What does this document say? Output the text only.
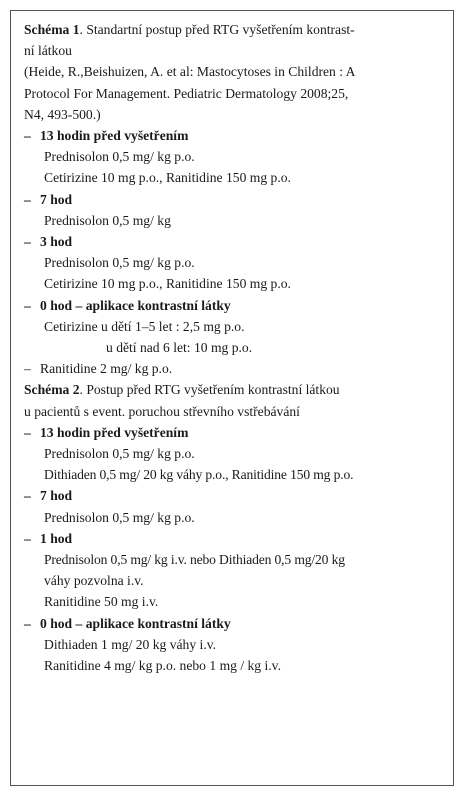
Schéma 1. Standartní postup před RTG vyšetřením kontrast-
ní látkou
(Heide, R.,Beishuizen, A. et al: Mastocytoses in Children : A
Protocol For Management. Pediatric Dermatology 2008;25,
N4, 493-500.)
– 13 hodin před vyšetřením
Prednisolon 0,5 mg/ kg p.o.
Cetirizine 10 mg p.o., Ranitidine 150 mg p.o.
– 7 hod
Prednisolon 0,5 mg/ kg
– 3 hod
Prednisolon 0,5 mg/ kg p.o.
Cetirizine 10 mg p.o., Ranitidine 150 mg p.o.
– 0 hod – aplikace kontrastní látky
Cetirizine u dětí 1–5 let : 2,5 mg p.o.
u dětí nad 6 let: 10 mg p.o.
– Ranitidine 2 mg/ kg p.o.
Schéma 2. Postup před RTG vyšetřením kontrastní látkou
u pacientů s event. poruchou střevního vstřebávání
– 13 hodin před vyšetřením
Prednisolon 0,5 mg/ kg p.o.
Dithiaden 0,5 mg/ 20 kg váhy p.o., Ranitidine 150 mg p.o.
– 7 hod
Prednisolon 0,5 mg/ kg p.o.
– 1 hod
Prednisolon 0,5 mg/ kg i.v. nebo Dithiaden 0,5 mg/20 kg
váhy pozvolna i.v.
Ranitidine 50 mg i.v.
– 0 hod – aplikace kontrastní látky
Dithiaden 1 mg/ 20 kg váhy i.v.
Ranitidine 4 mg/ kg p.o. nebo 1 mg / kg i.v.
